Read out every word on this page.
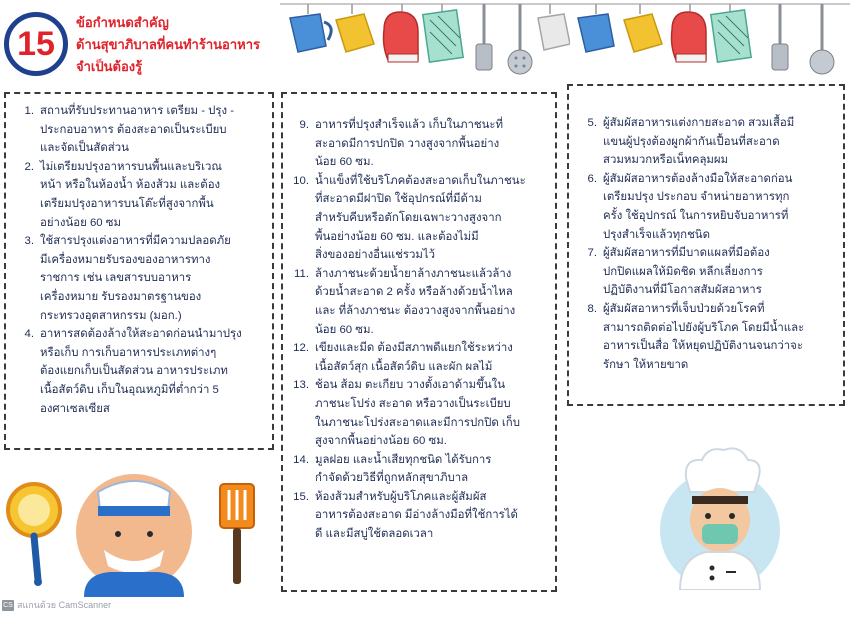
15
ข้อกำหนดสำคัญ
ด้านสุขาภิบาลที่คนทำร้านอาหาร
จำเป็นต้องรู้
1. สถานที่รับประทานอาหาร เตรียม - ปรุง -
ประกอบอาหาร ต้องสะอาดเป็นระเบียบ
และจัดเป็นสัดส่วน
2. ไม่เตรียมปรุงอาหารบนพื้นและบริเวณ
หน้า หรือในห้องน้ำ ห้องส้วม และต้อง
เตรียมปรุงอาหารบนโต๊ะที่สูงจากพื้น
อย่างน้อย 60 ซม
3. ใช้สารปรุงแต่งอาหารที่มีความปลอดภัย
มีเครื่องหมายรับรองของอาหารทาง
ราชการ เช่น เลขสารบบอาหาร
เครื่องหมาย รับรองมาตรฐานของ
กระทรวงอุตสาหกรรม (มอก.)
4. อาหารสดต้องล้างให้สะอาดก่อนนำมาปรุง
หรือเก็บ การเก็บอาหารประเภทต่างๆ
ต้องแยกเก็บเป็นสัดส่วน อาหารประเภท
เนื้อสัตว์ดิบ เก็บในอุณหภูมิที่ต่ำกว่า 5
องศาเซลเซียส
9. อาหารที่ปรุงสำเร็จแล้ว เก็บในภาชนะที่
สะอาดมีการปกปิด วางสูงจากพื้นอย่าง
น้อย 60 ซม.
10. น้ำแข็งที่ใช้บริโภคต้องสะอาดเก็บในภาชนะ
ที่สะอาดมีฝาปิด ใช้อุปกรณ์ที่มีด้าม
สำหรับคีบหรือตักโดยเฉพาะวางสูงจาก
พื้นอย่างน้อย 60 ซม. และต้องไม่มี
สิ่งของอย่างอื่นแช่รวมไว้
11. ล้างภาชนะด้วยน้ำยาล้างภาชนะแล้วล้าง
ด้วยน้ำสะอาด 2 ครั้ง หรือล้างด้วยน้ำไหล
และ ที่ล้างภาชนะ ต้องวางสูงจากพื้นอย่าง
น้อย 60 ซม.
12. เขียงและมีด ต้องมีสภาพดีแยกใช้ระหว่าง
เนื้อสัตว์สุก เนื้อสัตว์ดิบ และผัก ผลไม้
13. ช้อน ส้อม ตะเกียบ วางตั้งเอาด้ามขึ้นใน
ภาชนะโปร่ง สะอาด หรือวางเป็นระเบียบ
ในภาชนะโปร่งสะอาดและมีการปกปิด เก็บ
สูงจากพื้นอย่างน้อย 60 ซม.
14. มูลฝอย และน้ำเสียทุกชนิด ได้รับการ
กำจัดด้วยวิธีที่ถูกหลักสุขาภิบาล
15. ห้องส้วมสำหรับผู้บริโภคและผู้สัมผัส
อาหารต้องสะอาด มีอ่างล้างมือที่ใช้การได้
ดี และมีสบู่ใช้ตลอดเวลา
5. ผู้สัมผัสอาหารแต่งกายสะอาด สวมเสื้อมี
แขนผู้ปรุงต้องผูกผ้ากันเปื้อนที่สะอาด
สวมหมวกหรือเน็ทคลุมผม
6. ผู้สัมผัสอาหารต้องล้างมือให้สะอาดก่อน
เตรียมปรุง ประกอบ จำหน่ายอาหารทุก
ครั้ง ใช้อุปกรณ์ ในการหยิบจับอาหารที่
ปรุงสำเร็จแล้วทุกชนิด
7. ผู้สัมผัสอาหารที่มีบาดแผลที่มือต้อง
ปกปิดแผลให้มิดชิด หลีกเลี่ยงการ
ปฏิบัติงานที่มีโอกาสสัมผัสอาหาร
8. ผู้สัมผัสอาหารที่เจ็บป่วยด้วยโรคที่
สามารถติดต่อไปยังผู้บริโภค โดยมีน้ำและ
อาหารเป็นสื่อ ให้หยุดปฏิบัติงานจนกว่าจะ
รักษา ให้หายขาด
CS สแกนด้วย CamScanner
